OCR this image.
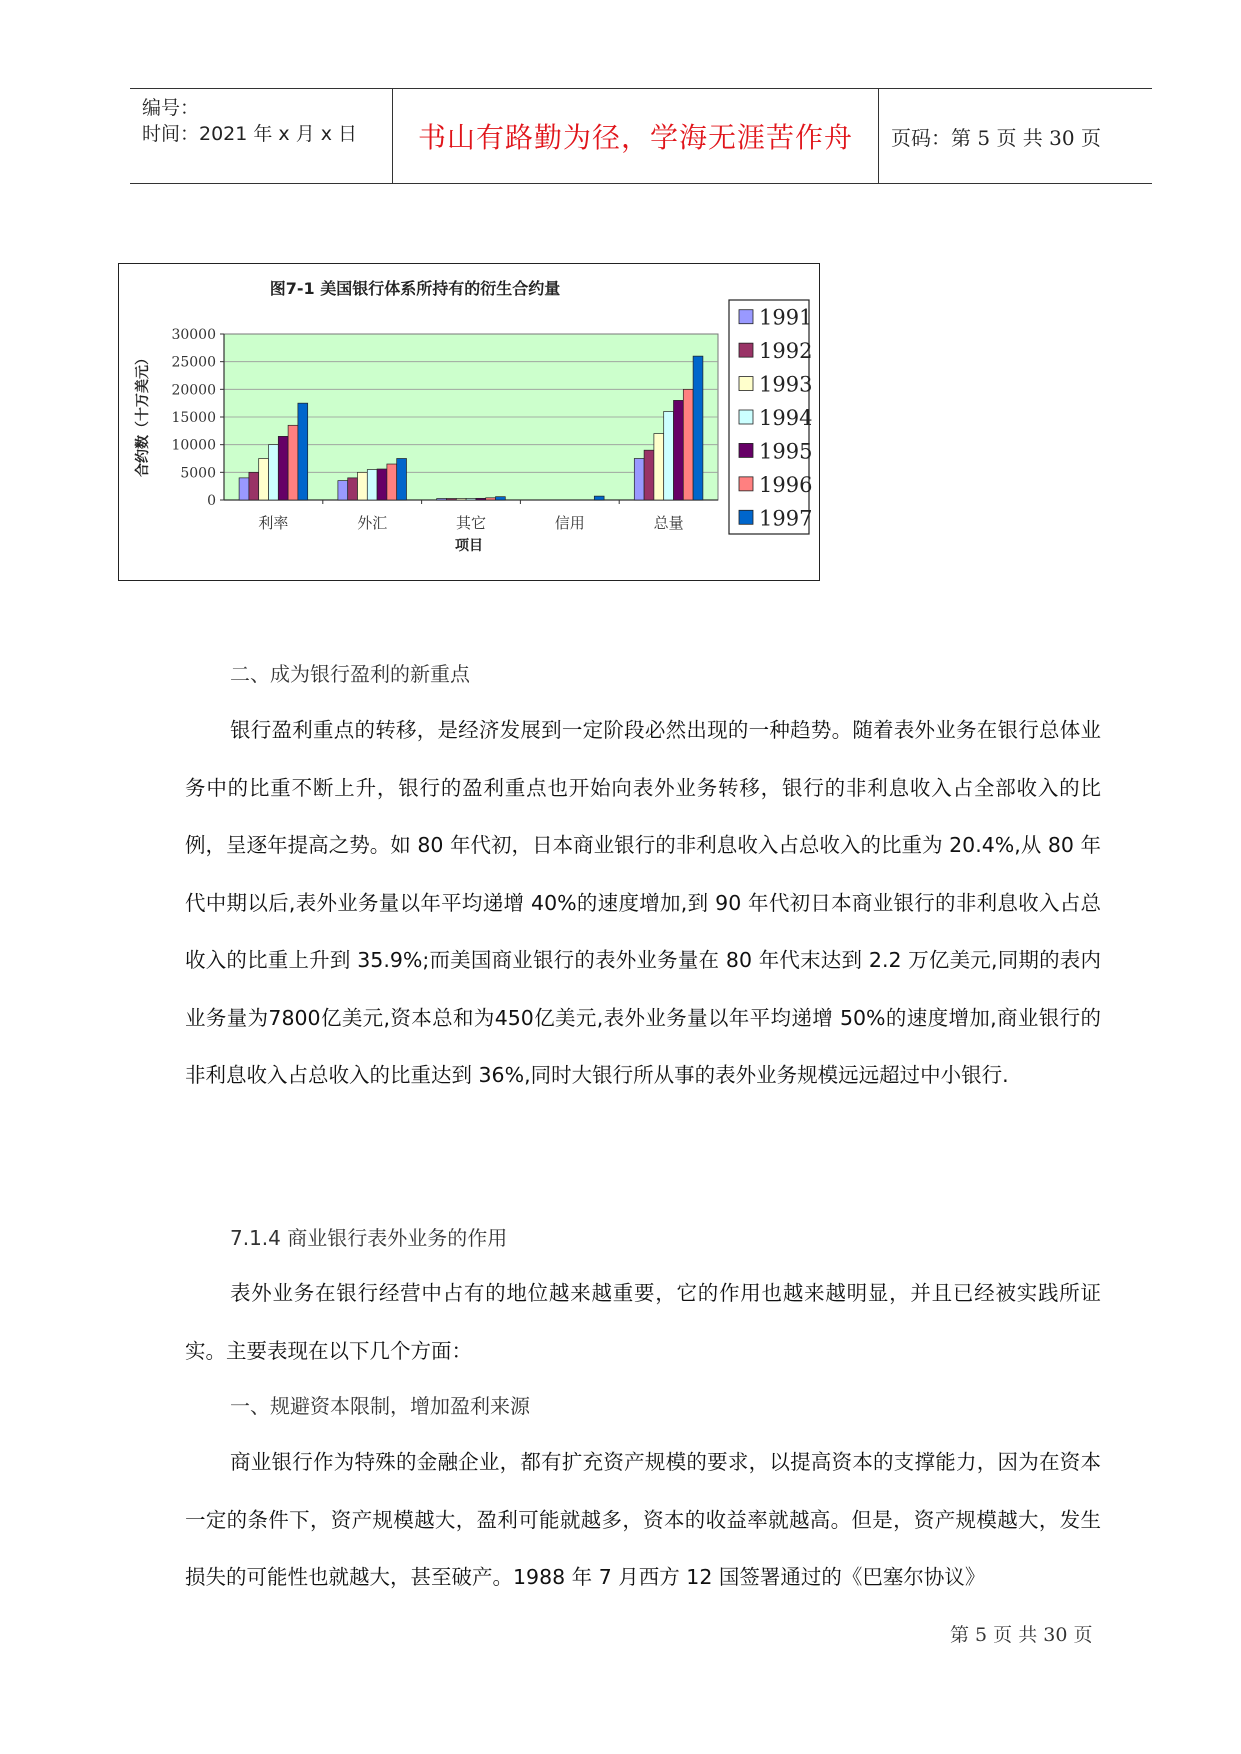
编号：
时间：2021 年 x 月 x 日 书山有路勤为径，学海无涯苦作舟 页码：第 5 页 共 30 页
图7-1 美国银行体系所持有的衍生合约量
合约数（十万美元）
项目
30000
25000
20000
15000
10000
5000
0
利率	外汇	其它	信用	总量
1991
1992
1993
1994
1995
1996
1997

二、成为银行盈利的新重点

银行盈利重点的转移，是经济发展到一定阶段必然出现的一种趋势。随着表外业务在银行总体业务中的比重不断上升，银行的盈利重点也开始向表外业务转移，银行的非利息收入占全部收入的比例，呈逐年提高之势。如 80 年代初，日本商业银行的非利息收入占总收入的比重为 20.4%,从 80 年代中期以后,表外业务量以年平均递增 40%的速度增加,到 90 年代初日本商业银行的非利息收入占总收入的比重上升到 35.9%;而美国商业银行的表外业务量在 80 年代末达到 2.2 万亿美元,同期的表内业务量为7800亿美元,资本总和为450亿美元,表外业务量以年平均递增 50%的速度增加,商业银行的非利息收入占总收入的比重达到 36%,同时大银行所从事的表外业务规模远远超过中小银行.

7.1.4 商业银行表外业务的作用

表外业务在银行经营中占有的地位越来越重要，它的作用也越来越明显，并且已经被实践所证实。主要表现在以下几个方面：

一、规避资本限制，增加盈利来源

商业银行作为特殊的金融企业，都有扩充资产规模的要求，以提高资本的支撑能力，因为在资本一定的条件下，资产规模越大，盈利可能就越多，资本的收益率就越高。但是，资产规模越大，发生损失的可能性也就越大，甚至破产。1988 年 7 月西方 12 国签署通过的《巴塞尔协议》

第 5 页 共 30 页
